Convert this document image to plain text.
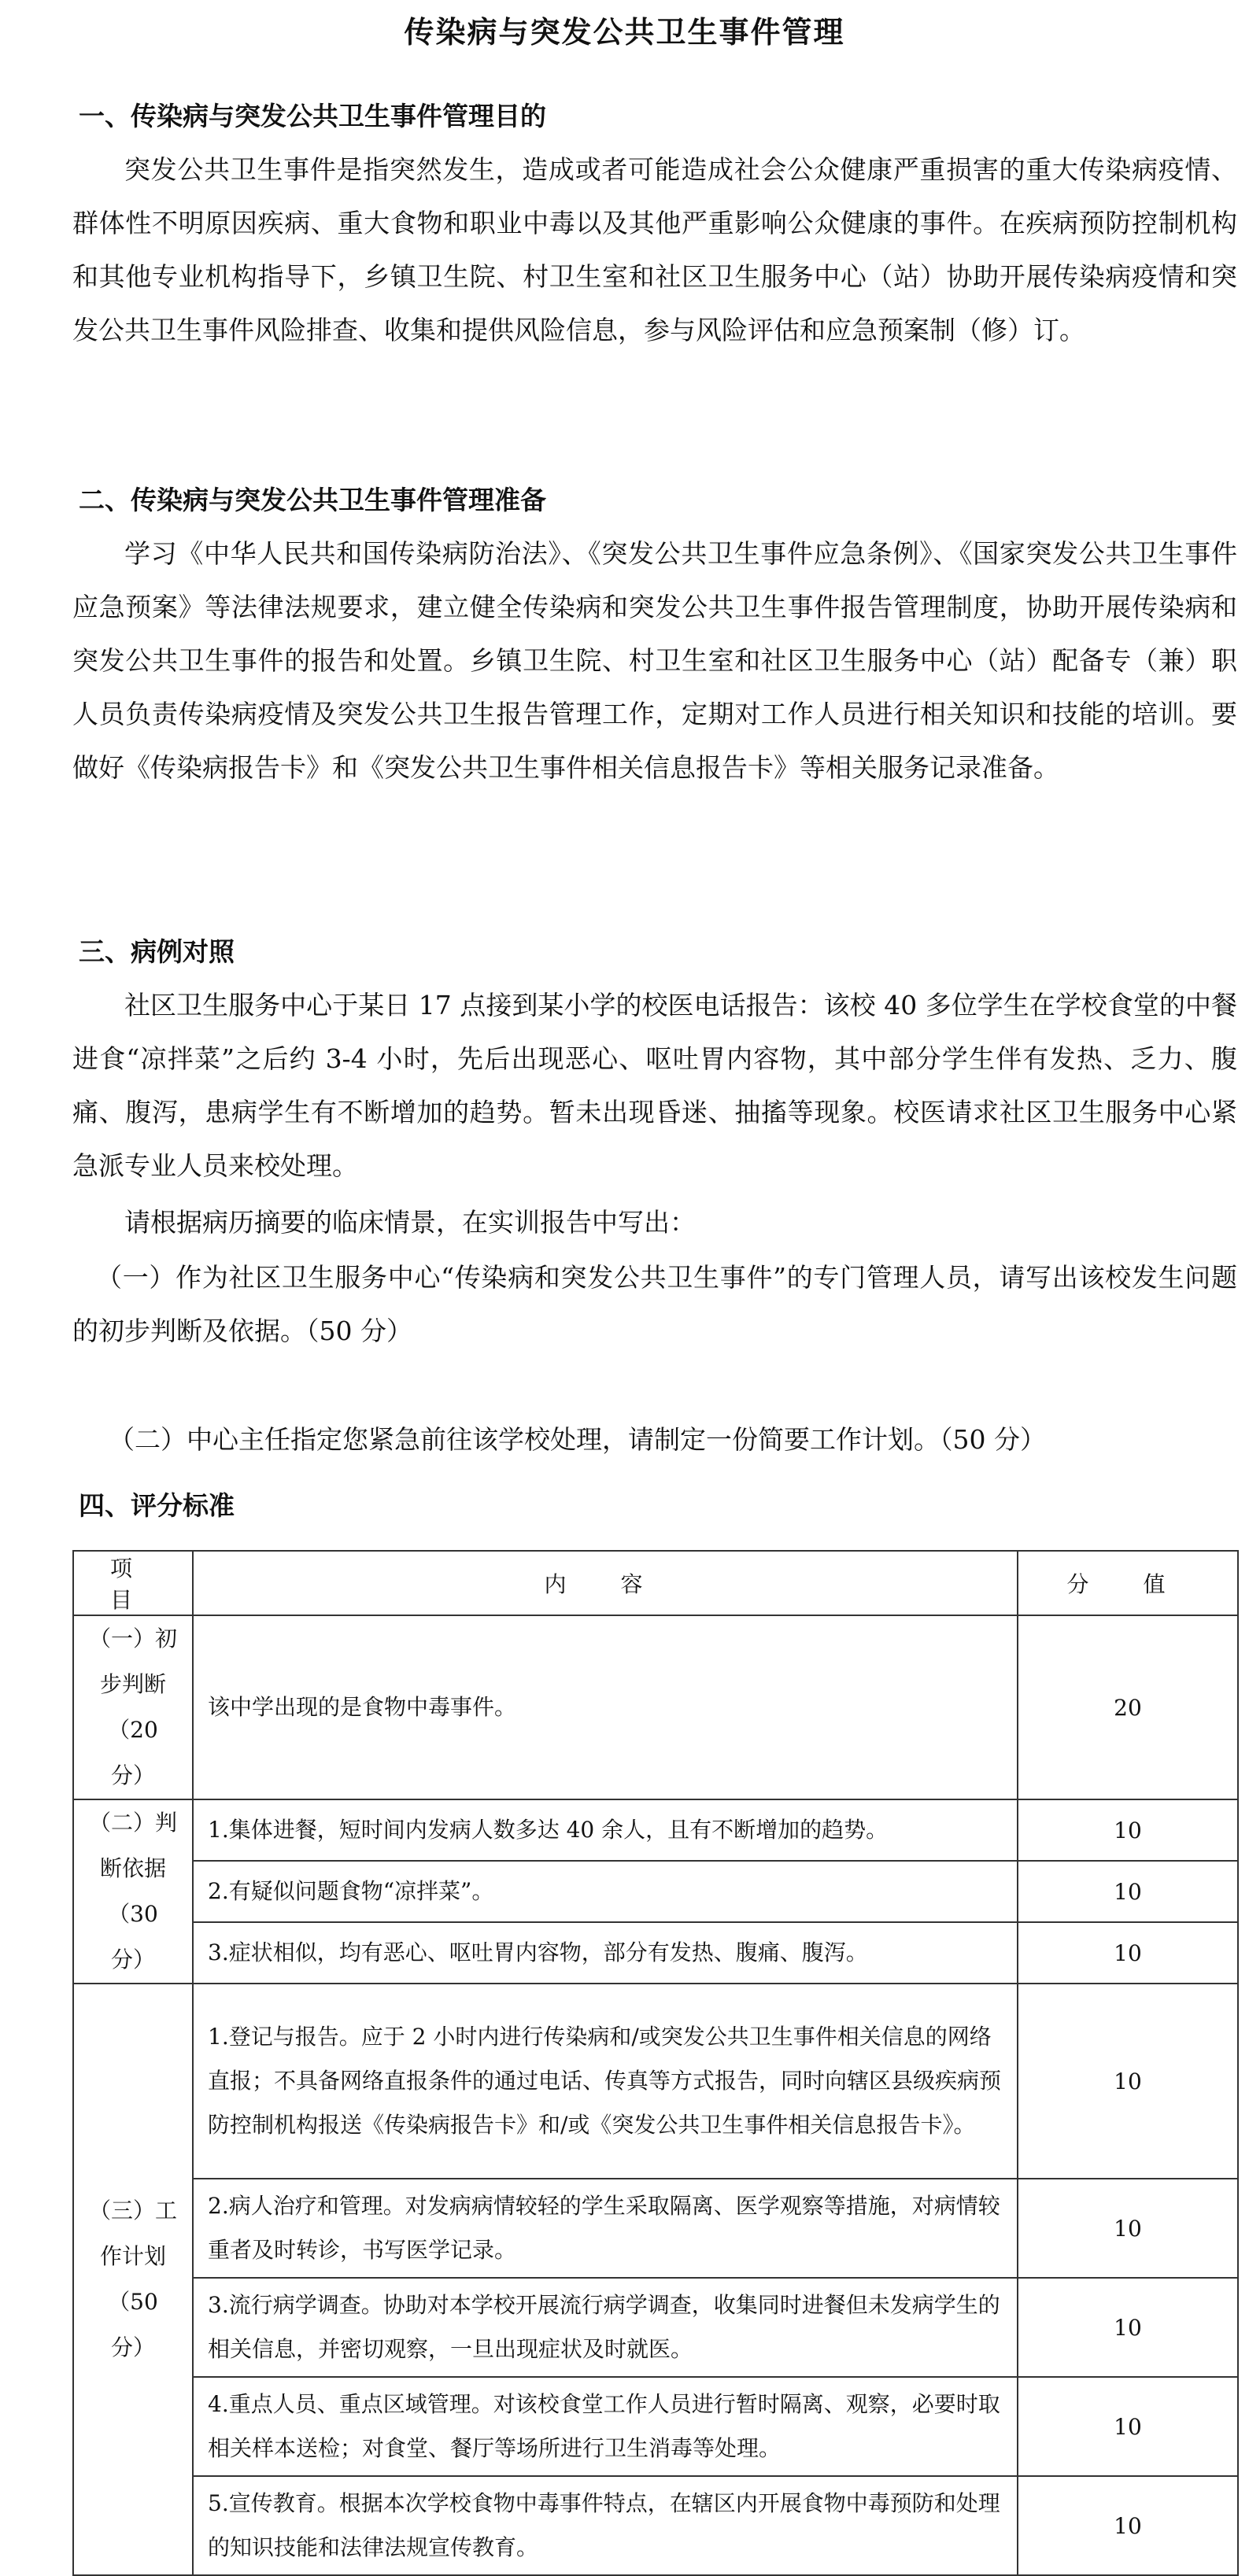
传染病与突发公共卫生事件管理
一、传染病与突发公共卫生事件管理目的
突发公共卫生事件是指突然发生，造成或者可能造成社会公众健康严重损害的重大传染病疫情、群体性不明原因疾病、重大食物和职业中毒以及其他严重影响公众健康的事件。在疾病预防控制机构和其他专业机构指导下，乡镇卫生院、村卫生室和社区卫生服务中心（站）协助开展传染病疫情和突发公共卫生事件风险排查、收集和提供风险信息，参与风险评估和应急预案制（修）订。
二、传染病与突发公共卫生事件管理准备
学习《中华人民共和国传染病防治法》、《突发公共卫生事件应急条例》、《国家突发公共卫生事件应急预案》等法律法规要求，建立健全传染病和突发公共卫生事件报告管理制度，协助开展传染病和突发公共卫生事件的报告和处置。乡镇卫生院、村卫生室和社区卫生服务中心（站）配备专（兼）职人员负责传染病疫情及突发公共卫生报告管理工作，定期对工作人员进行相关知识和技能的培训。要做好《传染病报告卡》和《突发公共卫生事件相关信息报告卡》等相关服务记录准备。
三、病例对照
社区卫生服务中心于某日 17 点接到某小学的校医电话报告：该校 40 多位学生在学校食堂的中餐进食“凉拌菜”之后约 3-4 小时，先后出现恶心、呕吐胃内容物，其中部分学生伴有发热、乏力、腹痛、腹泻，患病学生有不断增加的趋势。暂未出现昏迷、抽搐等现象。校医请求社区卫生服务中心紧急派专业人员来校处理。
请根据病历摘要的临床情景，在实训报告中写出：
（一）作为社区卫生服务中心“传染病和突发公共卫生事件”的专门管理人员，请写出该校发生问题的初步判断及依据。（50 分）
（二）中心主任指定您紧急前往该学校处理，请制定一份简要工作计划。（50 分）
四、评分标准
项 目	内 容	分 值

（一）初步判断
（20 分）	该中学出现的是食物中毒事件。	20

（二）判断依据
（30 分）	1.集体进餐，短时间内发病人数多达 40 余人，且有不断增加的趋势。	10
	2.有疑似问题食物“凉拌菜”。	10
	3.症状相似，均有恶心、呕吐胃内容物，部分有发热、腹痛、腹泻。	10

（三）工作计划
（50 分）	1.登记与报告。应于 2 小时内进行传染病和/或突发公共卫生事件相关信息的网络直报；不具备网络直报条件的通过电话、传真等方式报告，同时向辖区县级疾病预防控制机构报送《传染病报告卡》和/或《突发公共卫生事件相关信息报告卡》。	10
	2.病人治疗和管理。对发病病情较轻的学生采取隔离、医学观察等措施，对病情较重者及时转诊，书写医学记录。	10
	3.流行病学调查。协助对本学校开展流行病学调查，收集同时进餐但未发病学生的相关信息，并密切观察，一旦出现症状及时就医。	10
	4.重点人员、重点区域管理。对该校食堂工作人员进行暂时隔离、观察，必要时取相关样本送检；对食堂、餐厅等场所进行卫生消毒等处理。	10
	5.宣传教育。根据本次学校食物中毒事件特点，在辖区内开展食物中毒预防和处理的知识技能和法律法规宣传教育。	10
